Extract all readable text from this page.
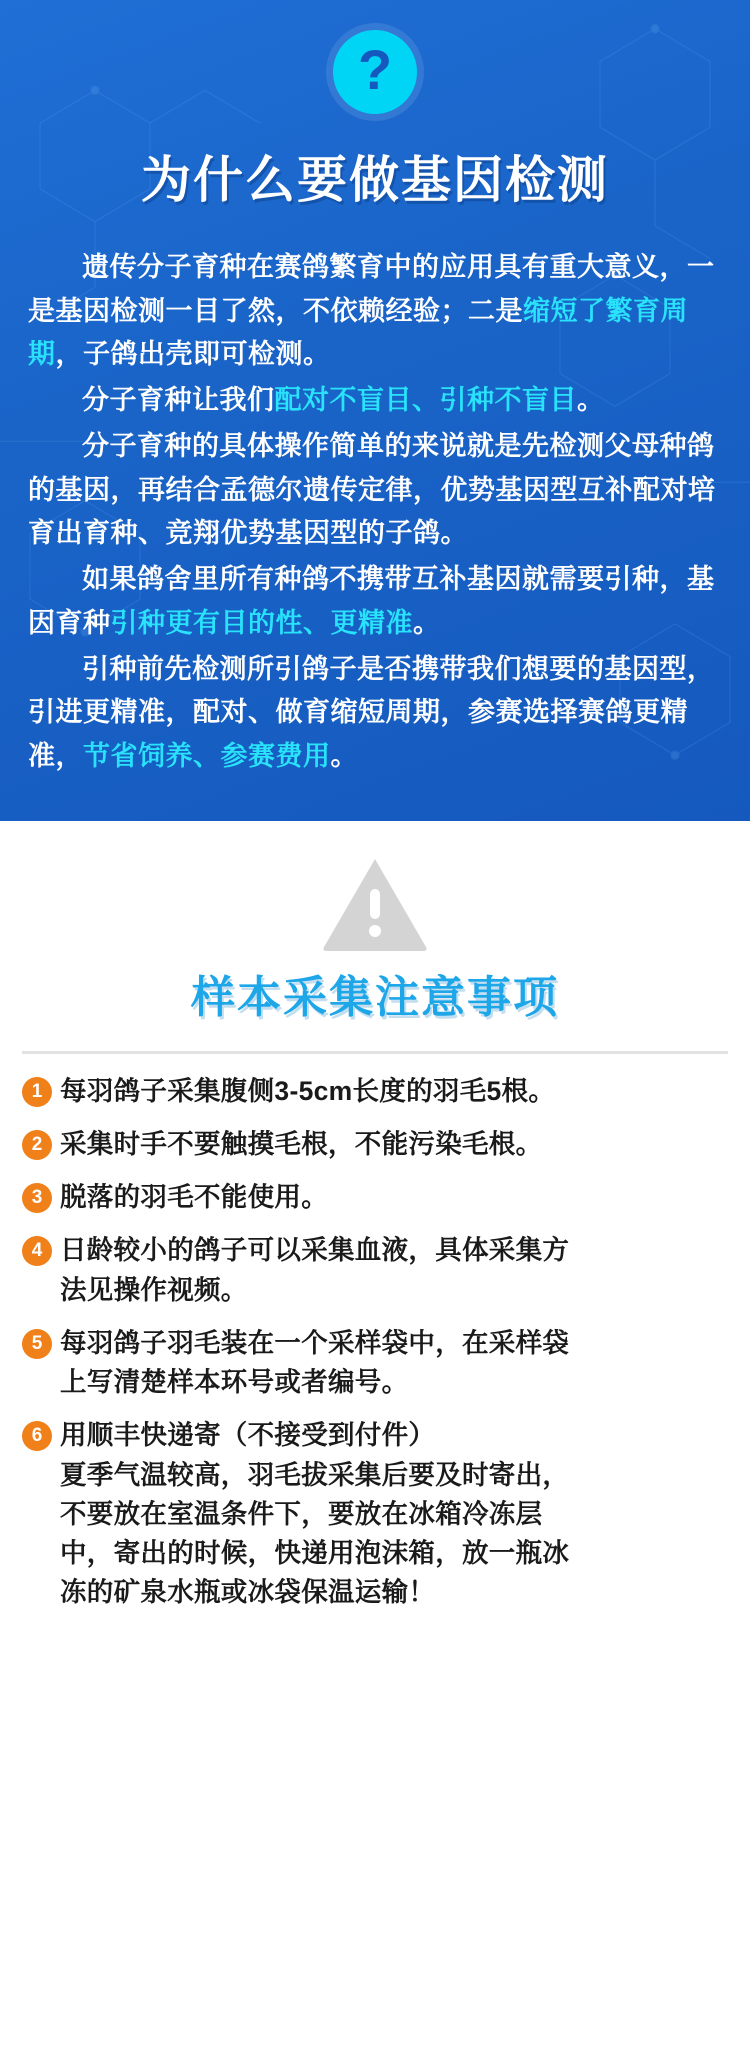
?
为什么要做基因检测

遗传分子育种在赛鸽繁育中的应用具有重大意义，一是基因检测一目了然，不依赖经验；二是缩短了繁育周期，子鸽出壳即可检测。

分子育种让我们配对不盲目、引种不盲目。

分子育种的具体操作简单的来说就是先检测父母种鸽的基因，再结合孟德尔遗传定律，优势基因型互补配对培育出育种、竞翔优势基因型的子鸽。

如果鸽舍里所有种鸽不携带互补基因就需要引种，基因育种引种更有目的性、更精准。

引种前先检测所引鸽子是否携带我们想要的基因型，引进更精准，配对、做育缩短周期，参赛选择赛鸽更精准，节省饲养、参赛费用。

样本采集注意事项
1 每羽鸽子采集腹侧3-5cm长度的羽毛5根。
2 采集时手不要触摸毛根，不能污染毛根。
3 脱落的羽毛不能使用。
4 日龄较小的鸽子可以采集血液，具体采集方
法见操作视频。
5 每羽鸽子羽毛装在一个采样袋中，在采样袋
上写清楚样本环号或者编号。
6 用顺丰快递寄（不接受到付件）
夏季气温较高，羽毛拔采集后要及时寄出，
不要放在室温条件下，要放在冰箱冷冻层
中，寄出的时候，快递用泡沫箱，放一瓶冰
冻的矿泉水瓶或冰袋保温运输！
